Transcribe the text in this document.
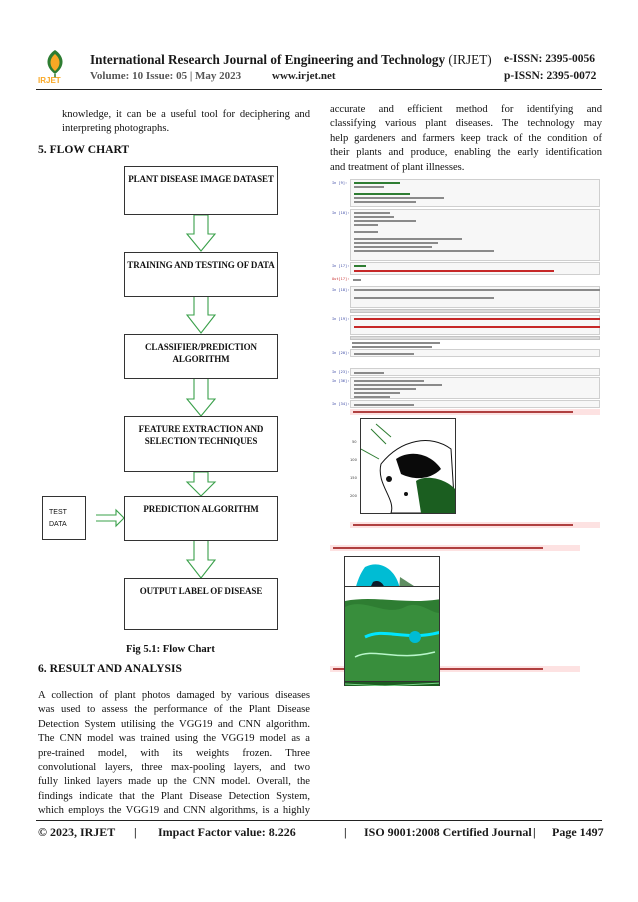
IRJET
International Research Journal of Engineering and Technology (IRJET) e-ISSN: 2395-0056
Volume: 10 Issue: 05 | May 2023	www.irjet.net	p-ISSN: 2395-0072
knowledge, it can be a useful tool for deciphering and
interpreting photographs.
5. FLOW CHART
PLANT DISEASE IMAGE DATASET
TRAINING AND TESTING OF DATA
CLASSIFIER/PREDICTION ALGORITHM
FEATURE EXTRACTION AND SELECTION TECHNIQUES
PREDICTION ALGORITHM
OUTPUT LABEL OF DISEASE
TEST
DATA
Fig 5.1: Flow Chart
6. RESULT AND ANALYSIS
A collection of plant photos damaged by various diseases
was used to assess the performance of the Plant Disease
Detection System utilising the VGG19 and CNN algorithm.
The CNN model was trained using the VGG19 model as a
pre-trained model, with its weights frozen. Three
convolutional layers, three max-pooling layers, and two
fully linked layers made up the CNN model. Overall, the
findings indicate that the Plant Disease Detection System,
which employs the VGG19 and CNN algorithms, is a highly
accurate and efficient method for identifying and
classifying various plant diseases. The technology may
help gardeners and farmers keep track of the condition of
their plants and produce, enabling the early identification
and treatment of plant illnesses.
In [9]:
In [10]:
In [17]:
Out[17]:
In [18]:
In [19]:
In [20]:
In [23]:
In [36]:
In [34]:
50
100
150
200
© 2023, IRJET | Impact Factor value: 8.226	| ISO 9001:2008 Certified Journal | Page 1497
